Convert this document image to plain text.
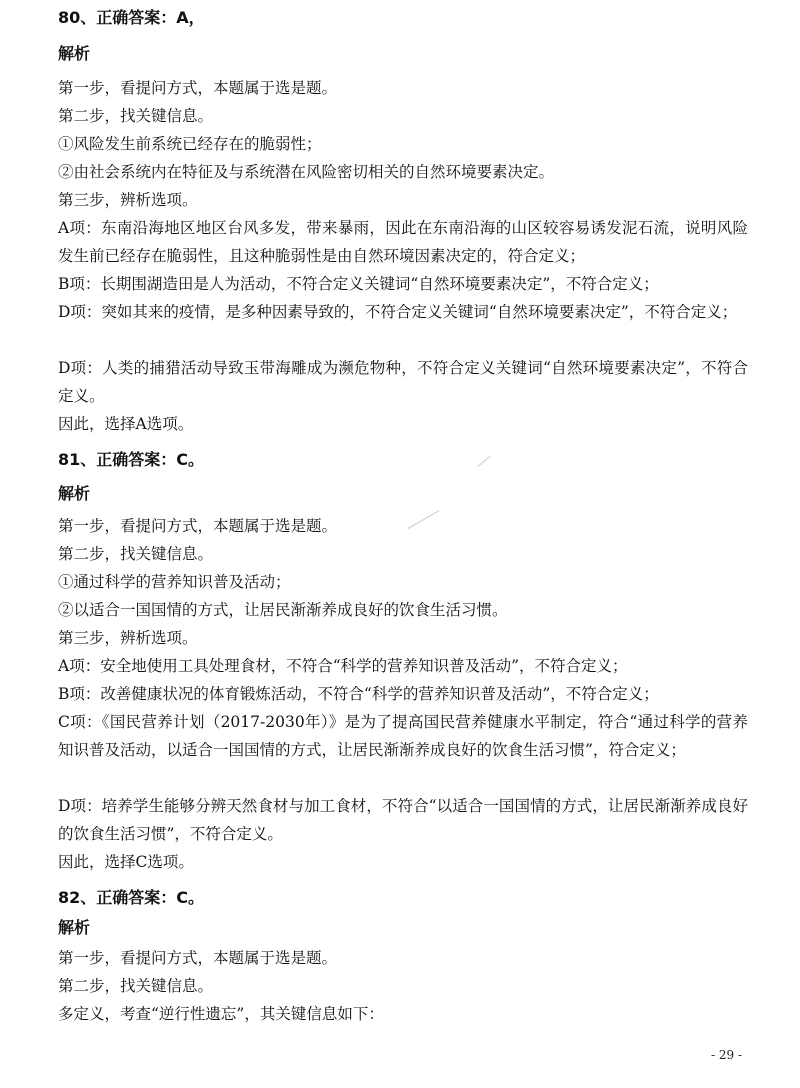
80、正确答案：A，
解析
第一步，看提问方式，本题属于选是题。
第二步，找关键信息。
①风险发生前系统已经存在的脆弱性；
②由社会系统内在特征及与系统潜在风险密切相关的自然环境要素决定。
第三步，辨析选项。
A项：东南沿海地区地区台风多发，带来暴雨，因此在东南沿海的山区较容易诱发泥石流，说明风险发生前已经存在脆弱性，且这种脆弱性是由自然环境因素决定的，符合定义；
B项：长期围湖造田是人为活动，不符合定义关键词“自然环境要素决定”，不符合定义；
D项：突如其来的疫情，是多种因素导致的，不符合定义关键词“自然环境要素决定”，不符合定义；
D项：人类的捕猎活动导致玉带海雕成为濒危物种，不符合定义关键词“自然环境要素决定”，不符合定义。
因此，选择A选项。
81、正确答案：C。
解析
第一步，看提问方式，本题属于选是题。
第二步，找关键信息。
①通过科学的营养知识普及活动；
②以适合一国国情的方式，让居民渐渐养成良好的饮食生活习惯。
第三步，辨析选项。
A项：安全地使用工具处理食材，不符合“科学的营养知识普及活动”，不符合定义；
B项：改善健康状况的体育锻炼活动，不符合“科学的营养知识普及活动”，不符合定义；
C项：《国民营养计划（2017-2030年）》是为了提高国民营养健康水平制定，符合“通过科学的营养知识普及活动，以适合一国国情的方式，让居民渐渐养成良好的饮食生活习惯”，符合定义；
D项：培养学生能够分辨天然食材与加工食材，不符合“以适合一国国情的方式，让居民渐渐养成良好的饮食生活习惯”，不符合定义。
因此，选择C选项。
82、正确答案：C。
解析
第一步，看提问方式，本题属于选是题。
第二步，找关键信息。
多定义，考查“逆行性遗忘”，其关键信息如下：
- 29 -
